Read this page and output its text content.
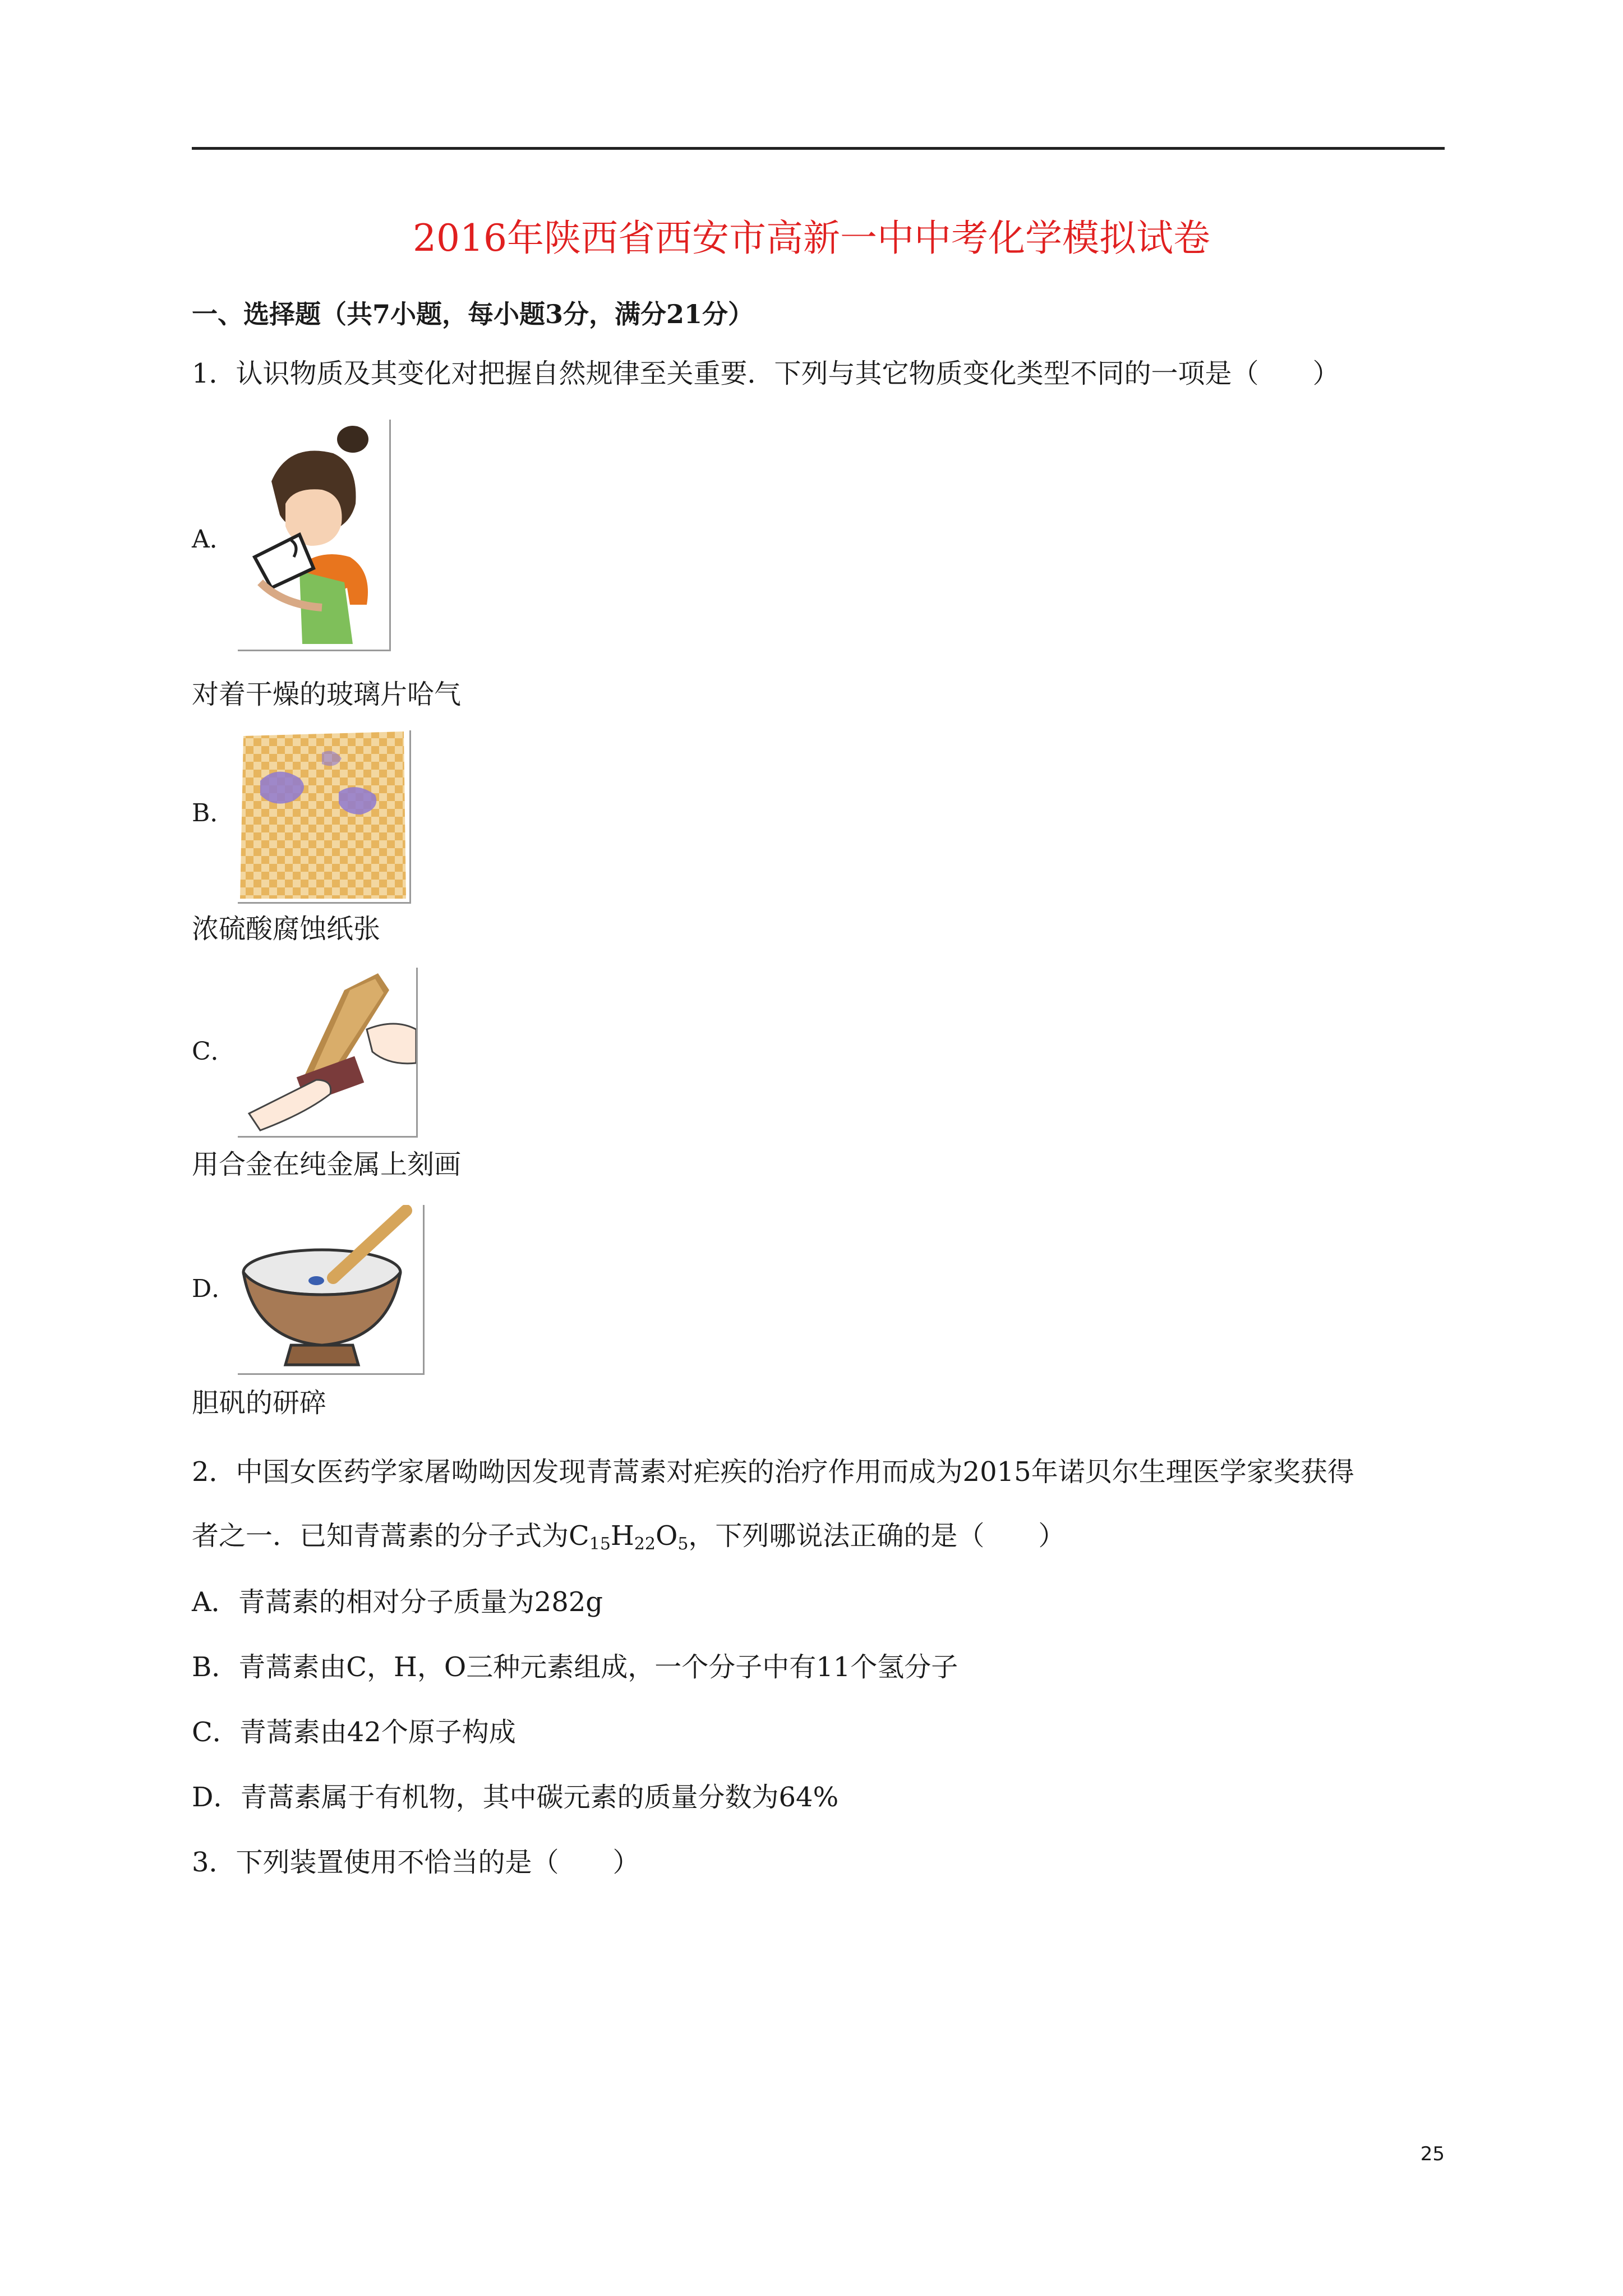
2016年陕西省西安市高新一中中考化学模拟试卷
一、选择题（共7小题，每小题3分，满分21分）
1．认识物质及其变化对把握自然规律至关重要．下列与其它物质变化类型不同的一项是（　　）
A．
对着干燥的玻璃片哈气
B．
浓硫酸腐蚀纸张
C．
用合金在纯金属上刻画
D．
胆矾的研碎
2．中国女医药学家屠呦呦因发现青蒿素对疟疾的治疗作用而成为2015年诺贝尔生理医学家奖获得
者之一．已知青蒿素的分子式为$C_{15}H_{22}O_5$，下列哪说法正确的是（　　）
A．青蒿素的相对分子质量为282g
B．青蒿素由C，H，O三种元素组成，一个分子中有11个氢分子
C．青蒿素由42个原子构成
D．青蒿素属于有机物，其中碳元素的质量分数为64%
3．下列装置使用不恰当的是（　　）
25
